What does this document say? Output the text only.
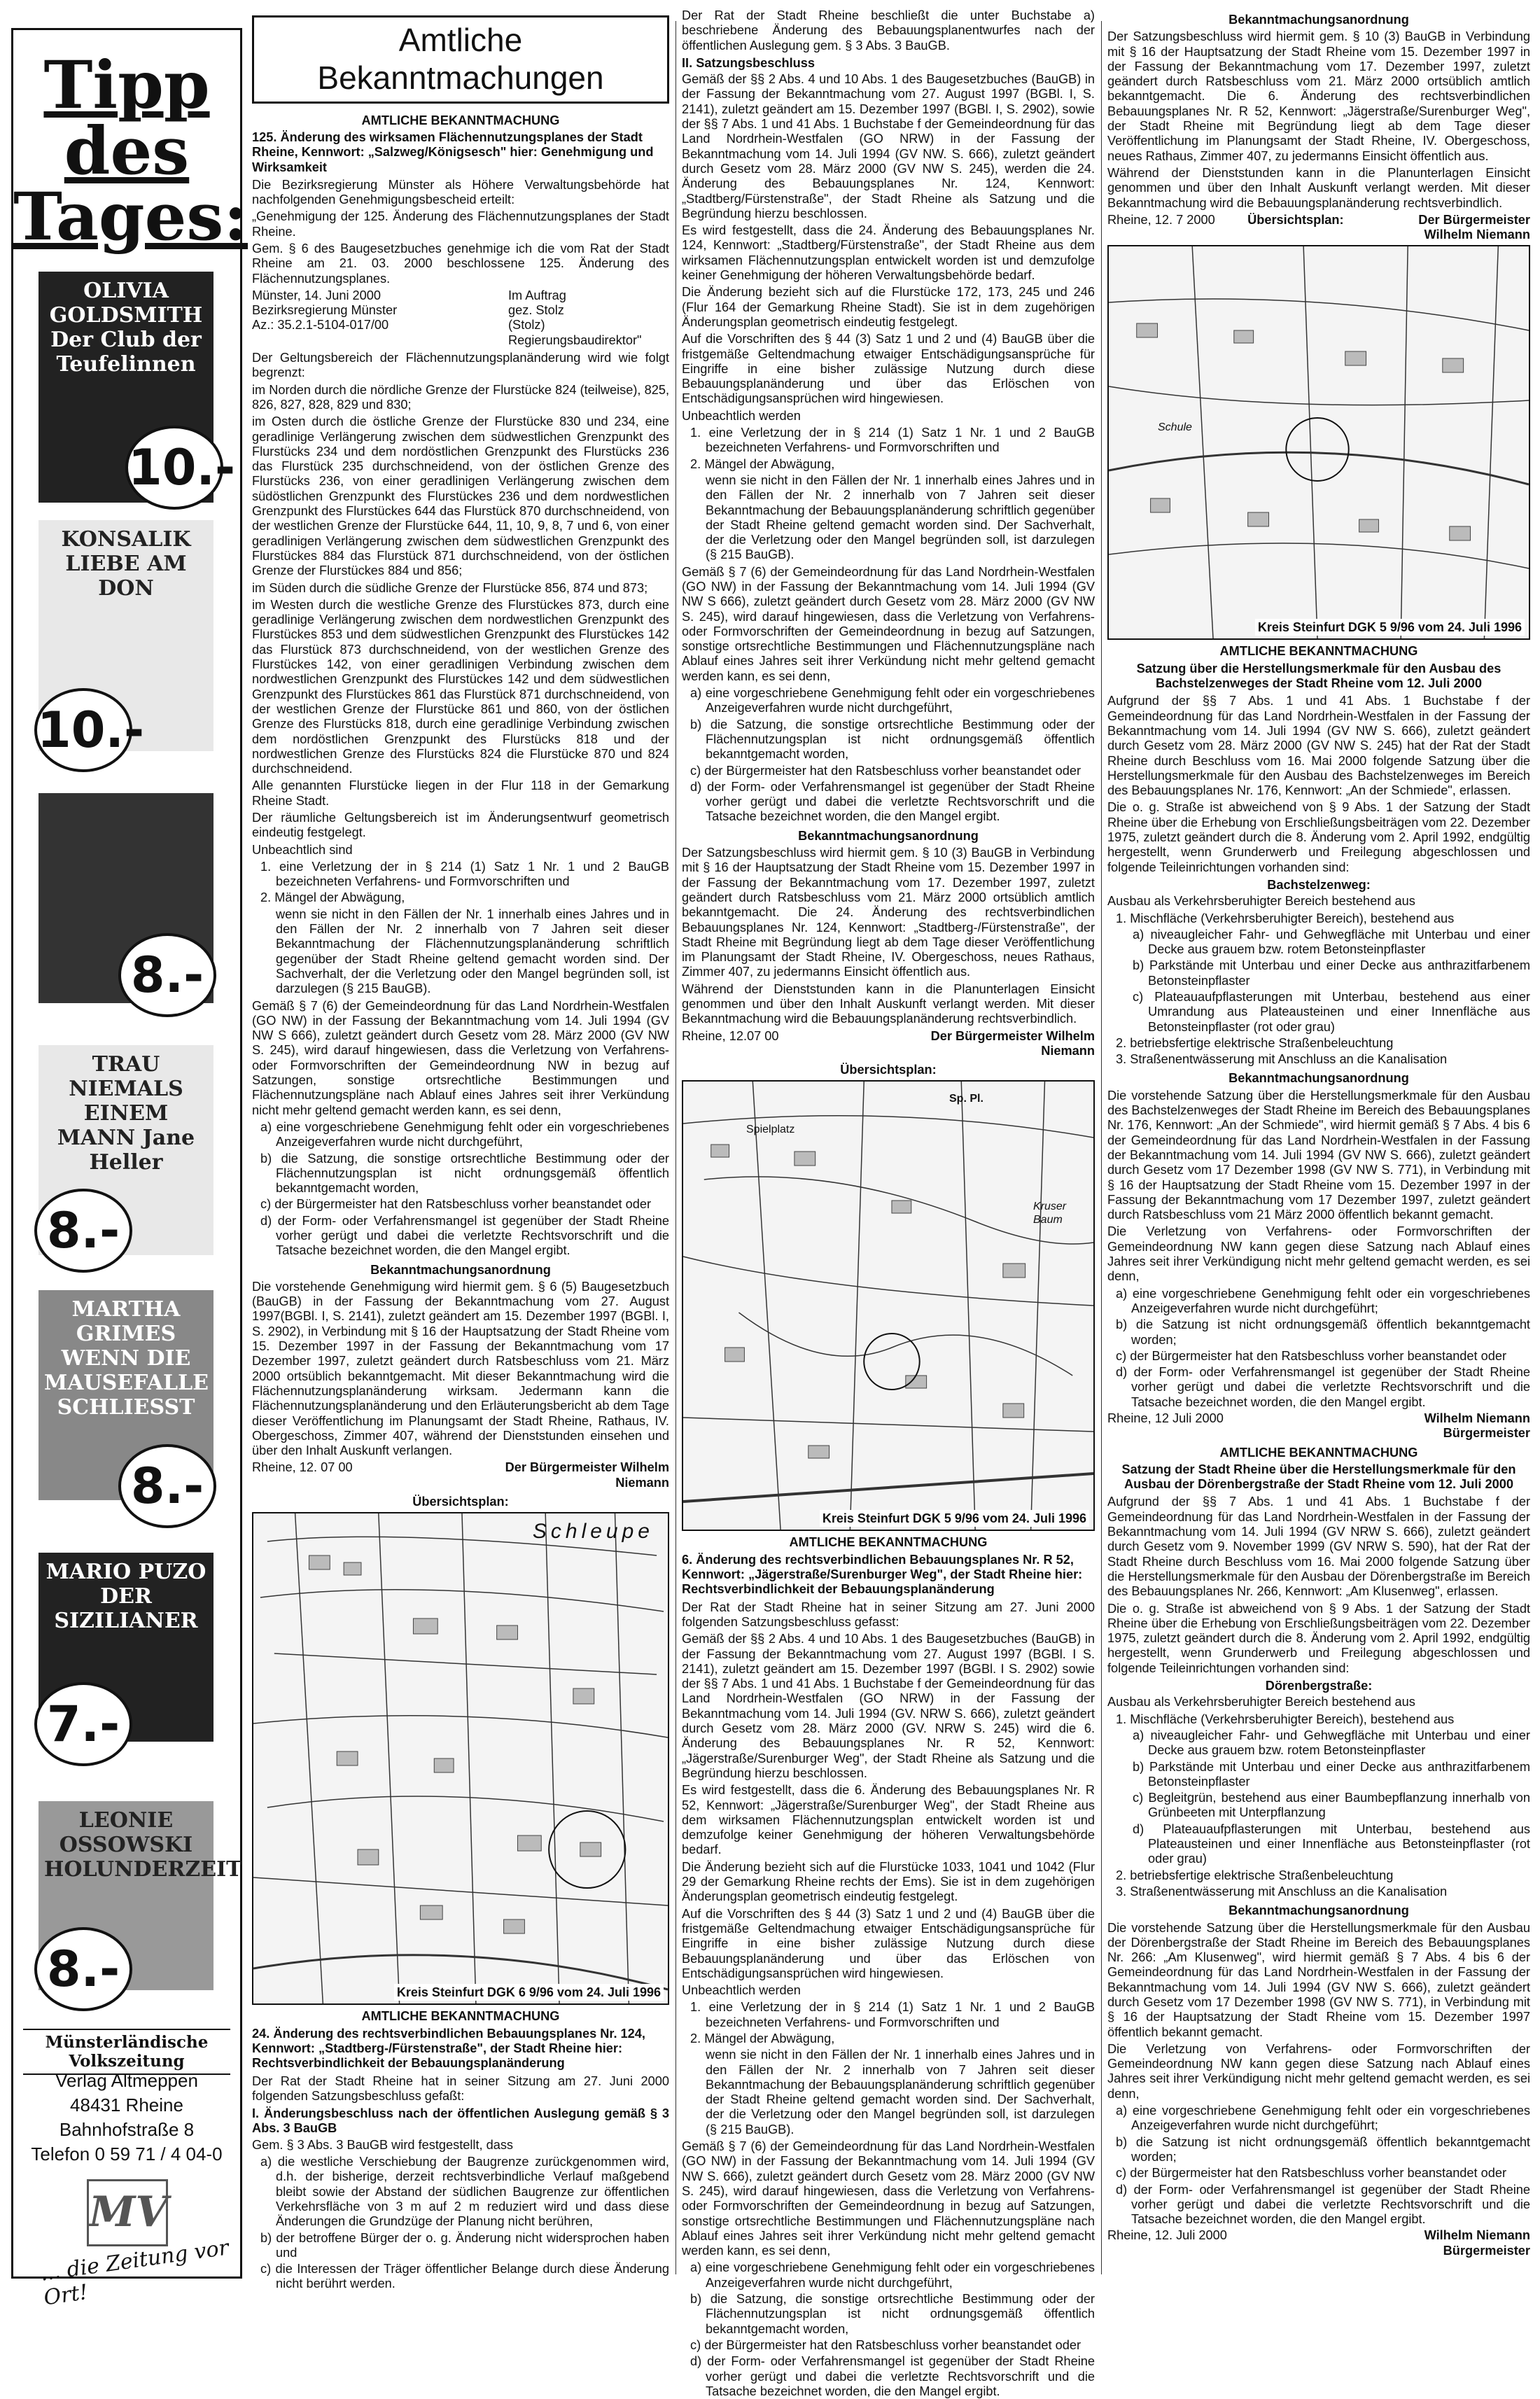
Tipp
des
Tages:
OLIVIA GOLDSMITH Der Club der Teufelinnen
10.-
KONSALIK LIEBE AM DON
10.-
8.-
TRAU NIEMALS EINEM MANN Jane Heller
8.-
MARTHA GRIMES WENN DIE MAUSEFALLE SCHLIESST
8.-
MARIO PUZO DER SIZILIANER
7.-
LEONIE OSSOWSKI HOLUNDERZEIT
8.-
Münsterländische Volkszeitung
Verlag Altmeppen
48431 Rheine
Bahnhofstraße 8
Telefon 0 59 71 / 4 04-0
MV
... die Zeitung vor Ort!
Amtliche Bekanntmachungen
AMTLICHE BEKANNTMACHUNG
125. Änderung des wirksamen Flächennutzungsplanes der Stadt Rheine, Kennwort: „Salzweg/Königsesch" hier: Genehmigung und Wirksamkeit

Die Bezirksregierung Münster als Höhere Verwaltungsbehörde hat nachfolgenden Genehmigungsbescheid erteilt:

„Genehmigung der 125. Änderung des Flächennutzungsplanes der Stadt Rheine.

Gem. § 6 des Baugesetzbuches genehmige ich die vom Rat der Stadt Rheine am 21. 03. 2000 beschlossene 125. Änderung des Flächennutzungsplanes.

Münster, 14. Juni 2000	Im Auftrag
Bezirksregierung Münster	gez. Stolz
Az.: 35.2.1-5104-017/00	(Stolz) Regierungsbaudirektor"

Der Geltungsbereich der Flächennutzungsplanänderung wird wie folgt begrenzt:

im Norden durch die nördliche Grenze der Flurstücke 824 (teilweise), 825, 826, 827, 828, 829 und 830;

im Osten durch die östliche Grenze der Flurstücke 830 und 234, eine geradlinige Verlängerung zwischen dem südwestlichen Grenzpunkt des Flurstücks 234 und dem nordöstlichen Grenzpunkt des Flurstücks 236 das Flurstück 235 durchschneidend, von der östlichen Grenze des Flurstücks 236, von einer geradlinigen Verlängerung zwischen dem südöstlichen Grenzpunkt des Flurstückes 236 und dem nordwestlichen Grenzpunkt des Flurstückes 644 das Flurstück 870 durchschneidend, von der westlichen Grenze der Flurstücke 644, 11, 10, 9, 8, 7 und 6, von einer geradlinigen Verlängerung zwischen dem südwestlichen Grenzpunkt des Flurstückes 884 das Flurstück 871 durchschneidend, von der östlichen Grenze der Flurstückes 884 und 856;

im Süden durch die südliche Grenze der Flurstücke 856, 874 und 873;

im Westen durch die westliche Grenze des Flurstückes 873, durch eine geradlinige Verlängerung zwischen dem nordwestlichen Grenzpunkt des Flurstückes 853 und dem südwestlichen Grenzpunkt des Flurstückes 142 das Flurstück 873 durchschneidend, von der westlichen Grenze des Flurstückes 142, von einer geradlinigen Verbindung zwischen dem nordwestlichen Grenzpunkt des Flurstückes 142 und dem südwestlichen Grenzpunkt des Flurstückes 861 das Flurstück 871 durchschneidend, von der westlichen Grenze der Flurstücke 861 und 860, von der östlichen Grenze des Flurstücks 818, durch eine geradlinige Verbindung zwischen dem nordöstlichen Grenzpunkt des Flurstücks 818 und der nordwestlichen Grenze des Flurstücks 824 die Flurstücke 870 und 824 durchschneidend.

Alle genannten Flurstücke liegen in der Flur 118 in der Gemarkung Rheine Stadt.

Der räumliche Geltungsbereich ist im Änderungsentwurf geometrisch eindeutig festgelegt.

Unbeachtlich sind

1. eine Verletzung der in § 214 (1) Satz 1 Nr. 1 und 2 BauGB bezeichneten Verfahrens- und Formvorschriften und

2. Mängel der Abwägung,

wenn sie nicht in den Fällen der Nr. 1 innerhalb eines Jahres und in den Fällen der Nr. 2 innerhalb von 7 Jahren seit dieser Bekanntmachung der Flächennutzungsplanänderung schriftlich gegenüber der Stadt Rheine geltend gemacht worden sind. Der Sachverhalt, der die Verletzung oder den Mangel begründen soll, ist darzulegen (§ 215 BauGB).

Gemäß § 7 (6) der Gemeindeordnung für das Land Nordrhein-Westfalen (GO NW) in der Fassung der Bekanntmachung vom 14. Juli 1994 (GV NW S 666), zuletzt geändert durch Gesetz vom 28. März 2000 (GV NW S. 245), wird darauf hingewiesen, dass die Verletzung von Verfahrens- oder Formvorschriften der Gemeindeordnung NW in bezug auf Satzungen, sonstige ortsrechtliche Bestimmungen und Flächennutzungspläne nach Ablauf eines Jahres seit ihrer Verkündung nicht mehr geltend gemacht werden kann, es sei denn,

a) eine vorgeschriebene Genehmigung fehlt oder ein vorgeschriebenes Anzeigeverfahren wurde nicht durchgeführt,

b) die Satzung, die sonstige ortsrechtliche Bestimmung oder der Flächennutzungsplan ist nicht ordnungsgemäß öffentlich bekanntgemacht worden,

c) der Bürgermeister hat den Ratsbeschluss vorher beanstandet oder

d) der Form- oder Verfahrensmangel ist gegenüber der Stadt Rheine vorher gerügt und dabei die verletzte Rechtsvorschrift und die Tatsache bezeichnet worden, die den Mangel ergibt.

Bekanntmachungsanordnung

Die vorstehende Genehmigung wird hiermit gem. § 6 (5) Baugesetzbuch (BauGB) in der Fassung der Bekanntmachung vom 27. August 1997(BGBl. I, S. 2141), zuletzt geändert am 15. Dezember 1997 (BGBl. I, S. 2902), in Verbindung mit § 16 der Hauptsatzung der Stadt Rheine vom 15. Dezember 1997 in der Fassung der Bekanntmachung vom 17 Dezember 1997, zuletzt geändert durch Ratsbeschluss vom 21. März 2000 ortsüblich bekanntgemacht. Mit dieser Bekanntmachung wird die Flächennutzungsplanänderung wirksam. Jedermann kann die Flächennutzungsplanänderung und den Erläuterungsbericht ab dem Tage dieser Veröffentlichung im Planungsamt der Stadt Rheine, Rathaus, IV. Obergeschoss, Zimmer 407, während der Dienststunden einsehen und über den Inhalt Auskunft verlangen.

Rheine, 12. 07 00	Der Bürgermeister Wilhelm Niemann
Übersichtsplan:
Schleupe
Kreis Steinfurt DGK 6 9/96 vom 24. Juli 1996
AMTLICHE BEKANNTMACHUNG
24. Änderung des rechtsverbindlichen Bebauungsplanes Nr. 124, Kennwort: „Stadtberg-/Fürstenstraße", der Stadt Rheine hier: Rechtsverbindlichkeit der Bebauungsplanänderung

Der Rat der Stadt Rheine hat in seiner Sitzung am 27. Juni 2000 folgenden Satzungsbeschluss gefaßt:

I. Änderungsbeschluss nach der öffentlichen Auslegung gemäß § 3 Abs. 3 BauGB

Gem. § 3 Abs. 3 BauGB wird festgestellt, dass

a) die westliche Verschiebung der Baugrenze zurückgenommen wird, d.h. der bisherige, derzeit rechtsverbindliche Verlauf maßgebend bleibt sowie der Abstand der südlichen Baugrenze zur öffentlichen Verkehrsfläche von 3 m auf 2 m reduziert wird und dass diese Änderungen die Grundzüge der Planung nicht berühren,

b) der betroffene Bürger der o. g. Änderung nicht widersprochen haben und

c) die Interessen der Träger öffentlicher Belange durch diese Änderung nicht berührt werden.

Der Rat der Stadt Rheine beschließt die unter Buchstabe a) beschriebene Änderung des Bebauungsplanentwurfes nach der öffentlichen Auslegung gem. § 3 Abs. 3 BauGB.

II. Satzungsbeschluss

Gemäß der §§ 2 Abs. 4 und 10 Abs. 1 des Baugesetzbuches (BauGB) in der Fassung der Bekanntmachung vom 27. August 1997 (BGBl. I, S. 2141), zuletzt geändert am 15. Dezember 1997 (BGBl. I, S. 2902), sowie der §§ 7 Abs. 1 und 41 Abs. 1 Buchstabe f der Gemeindeordnung für das Land Nordrhein-Westfalen (GO NRW) in der Fassung der Bekanntmachung vom 14. Juli 1994 (GV NW. S. 666), zuletzt geändert durch Gesetz vom 28. März 2000 (GV NW S. 245), werden die 24. Änderung des Bebauungsplanes Nr. 124, Kennwort: „Stadtberg/Fürstenstraße", der Stadt Rheine als Satzung und die Begründung hierzu beschlossen.

Es wird festgestellt, dass die 24. Änderung des Bebauungsplanes Nr. 124, Kennwort: „Stadtberg/Fürstenstraße", der Stadt Rheine aus dem wirksamen Flächennutzungsplan entwickelt worden ist und demzufolge keiner Genehmigung der höheren Verwaltungsbehörde bedarf.

Die Änderung bezieht sich auf die Flurstücke 172, 173, 245 und 246 (Flur 164 der Gemarkung Rheine Stadt). Sie ist in dem zugehörigen Änderungsplan geometrisch eindeutig festgelegt.

Auf die Vorschriften des § 44 (3) Satz 1 und 2 und (4) BauGB über die fristgemäße Geltendmachung etwaiger Entschädigungsansprüche für Eingriffe in eine bisher zulässige Nutzung durch diese Bebauungsplanänderung und über das Erlöschen von Entschädigungsansprüchen wird hingewiesen.

Unbeachtlich werden

1. eine Verletzung der in § 214 (1) Satz 1 Nr. 1 und 2 BauGB bezeichneten Verfahrens- und Formvorschriften und

2. Mängel der Abwägung,

wenn sie nicht in den Fällen der Nr. 1 innerhalb eines Jahres und in den Fällen der Nr. 2 innerhalb von 7 Jahren seit dieser Bekanntmachung der Bebauungsplanänderung schriftlich gegenüber der Stadt Rheine geltend gemacht worden sind. Der Sachverhalt, der die Verletzung oder den Mangel begründen soll, ist darzulegen (§ 215 BauGB).

Gemäß § 7 (6) der Gemeindeordnung für das Land Nordrhein-Westfalen (GO NW) in der Fassung der Bekanntmachung vom 14. Juli 1994 (GV NW S 666), zuletzt geändert durch Gesetz vom 28. März 2000 (GV NW S. 245), wird darauf hingewiesen, dass die Verletzung von Verfahrens- oder Formvorschriften der Gemeindeordnung in bezug auf Satzungen, sonstige ortsrechtliche Bestimmungen und Flächennutzungspläne nach Ablauf eines Jahres seit ihrer Verkündung nicht mehr geltend gemacht werden kann, es sei denn,

a) eine vorgeschriebene Genehmigung fehlt oder ein vorgeschriebenes Anzeigeverfahren wurde nicht durchgeführt,

b) die Satzung, die sonstige ortsrechtliche Bestimmung oder der Flächennutzungsplan ist nicht ordnungsgemäß öffentlich bekanntgemacht worden,

c) der Bürgermeister hat den Ratsbeschluss vorher beanstandet oder

d) der Form- oder Verfahrensmangel ist gegenüber der Stadt Rheine vorher gerügt und dabei die verletzte Rechtsvorschrift und die Tatsache bezeichnet worden, die den Mangel ergibt.

Bekanntmachungsanordnung

Der Satzungsbeschluss wird hiermit gem. § 10 (3) BauGB in Verbindung mit § 16 der Hauptsatzung der Stadt Rheine vom 15. Dezember 1997 in der Fassung der Bekanntmachung vom 17. Dezember 1997, zuletzt geändert durch Ratsbeschluss vom 21. März 2000 ortsüblich amtlich bekanntgemacht. Die 24. Änderung des rechtsverbindlichen Bebauungsplanes Nr. 124, Kennwort: „Stadtberg-/Fürstenstraße", der Stadt Rheine mit Begründung liegt ab dem Tage dieser Veröffentlichung im Planungsamt der Stadt Rheine, IV. Obergeschoss, neues Rathaus, Zimmer 407, zu jedermanns Einsicht öffentlich aus.

Während der Dienststunden kann in die Planunterlagen Einsicht genommen und über den Inhalt Auskunft verlangt werden. Mit dieser Bekanntmachung wird die Bebauungsplanänderung rechtsverbindlich.

Rheine, 12.07 00	Der Bürgermeister Wilhelm Niemann
Übersichtsplan:
Sp. Pl.
Spielplatz
Kruser Baum
Kreis Steinfurt DGK 5 9/96 vom 24. Juli 1996
AMTLICHE BEKANNTMACHUNG
6. Änderung des rechtsverbindlichen Bebauungsplanes Nr. R 52, Kennwort: „Jägerstraße/Surenburger Weg", der Stadt Rheine hier: Rechtsverbindlichkeit der Bebauungsplanänderung

Der Rat der Stadt Rheine hat in seiner Sitzung am 27. Juni 2000 folgenden Satzungsbeschluss gefasst:

Gemäß der §§ 2 Abs. 4 und 10 Abs. 1 des Baugesetzbuches (BauGB) in der Fassung der Bekanntmachung vom 27. August 1997 (BGBl. I S. 2141), zuletzt geändert am 15. Dezember 1997 (BGBl. I S. 2902) sowie der §§ 7 Abs. 1 und 41 Abs. 1 Buchstabe f der Gemeindeordnung für das Land Nordrhein-Westfalen (GO NRW) in der Fassung der Bekanntmachung vom 14. Juli 1994 (GV. NRW S. 666), zuletzt geändert durch Gesetz vom 28. März 2000 (GV. NRW S. 245) wird die 6. Änderung des Bebauungsplanes Nr. R 52, Kennwort: „Jägerstraße/Surenburger Weg", der Stadt Rheine als Satzung und die Begründung hierzu beschlossen.

Es wird festgestellt, dass die 6. Änderung des Bebauungsplanes Nr. R 52, Kennwort: „Jägerstraße/Surenburger Weg", der Stadt Rheine aus dem wirksamen Flächennutzungsplan entwickelt worden ist und demzufolge keiner Genehmigung der höheren Verwaltungsbehörde bedarf.

Die Änderung bezieht sich auf die Flurstücke 1033, 1041 und 1042 (Flur 29 der Gemarkung Rheine rechts der Ems). Sie ist in dem zugehörigen Änderungsplan geometrisch eindeutig festgelegt.

Auf die Vorschriften des § 44 (3) Satz 1 und 2 und (4) BauGB über die fristgemäße Geltendmachung etwaiger Entschädigungsansprüche für Eingriffe in eine bisher zulässige Nutzung durch diese Bebauungsplanänderung und über das Erlöschen von Entschädigungsansprüchen wird hingewiesen.

Unbeachtlich werden

1. eine Verletzung der in § 214 (1) Satz 1 Nr. 1 und 2 BauGB bezeichneten Verfahrens- und Formvorschriften und

2. Mängel der Abwägung,

wenn sie nicht in den Fällen der Nr. 1 innerhalb eines Jahres und in den Fällen der Nr. 2 innerhalb von 7 Jahren seit dieser Bekanntmachung der Bebauungsplanänderung schriftlich gegenüber der Stadt Rheine geltend gemacht worden sind. Der Sachverhalt, der die Verletzung oder den Mangel begründen soll, ist darzulegen (§ 215 BauGB).

Gemäß § 7 (6) der Gemeindeordnung für das Land Nordrhein-Westfalen (GO NW) in der Fassung der Bekanntmachung vom 14. Juli 1994 (GV NW S. 666), zuletzt geändert durch Gesetz vom 28. März 2000 (GV NW S. 245), wird darauf hingewiesen, dass die Verletzung von Verfahrens- oder Formvorschriften der Gemeindeordnung in bezug auf Satzungen, sonstige ortsrechtliche Bestimmungen und Flächennutzungspläne nach Ablauf eines Jahres seit ihrer Verkündung nicht mehr geltend gemacht werden kann, es sei denn,

a) eine vorgeschriebene Genehmigung fehlt oder ein vorgeschriebenes Anzeigeverfahren wurde nicht durchgeführt,

b) die Satzung, die sonstige ortsrechtliche Bestimmung oder der Flächennutzungsplan ist nicht ordnungsgemäß öffentlich bekanntgemacht worden,

c) der Bürgermeister hat den Ratsbeschluss vorher beanstandet oder

d) der Form- oder Verfahrensmangel ist gegenüber der Stadt Rheine vorher gerügt und dabei die verletzte Rechtsvorschrift und die Tatsache bezeichnet worden, die den Mangel ergibt.

Bekanntmachungsanordnung

Der Satzungsbeschluss wird hiermit gem. § 10 (3) BauGB in Verbindung mit § 16 der Hauptsatzung der Stadt Rheine vom 15. Dezember 1997 in der Fassung der Bekanntmachung vom 17. Dezember 1997, zuletzt geändert durch Ratsbeschluss vom 21. März 2000 ortsüblich amtlich bekanntgemacht. Die 6. Änderung des rechtsverbindlichen Bebauungsplanes Nr. R 52, Kennwort: „Jägerstraße/Surenburger Weg", der Stadt Rheine mit Begründung liegt ab dem Tage dieser Veröffentlichung im Planungsamt der Stadt Rheine, IV. Obergeschoss, neues Rathaus, Zimmer 407, zu jedermanns Einsicht öffentlich aus.

Während der Dienststunden kann in die Planunterlagen Einsicht genommen und über den Inhalt Auskunft verlangt werden. Mit dieser Bekanntmachung wird die Bebauungsplanänderung rechtsverbindlich.

Rheine, 12. 7 2000	Übersichtsplan:	Der Bürgermeister Wilhelm Niemann
Schule
Kreis Steinfurt DGK 5 9/96 vom 24. Juli 1996
AMTLICHE BEKANNTMACHUNG
Satzung über die Herstellungsmerkmale für den Ausbau des Bachstelzenweges der Stadt Rheine vom 12. Juli 2000

Aufgrund der §§ 7 Abs. 1 und 41 Abs. 1 Buchstabe f der Gemeindeordnung für das Land Nordrhein-Westfalen in der Fassung der Bekanntmachung vom 14. Juli 1994 (GV NW S. 666), zuletzt geändert durch Gesetz vom 28. März 2000 (GV NW S. 245) hat der Rat der Stadt Rheine durch Beschluss vom 16. Mai 2000 folgende Satzung über die Herstellungsmerkmale für den Ausbau des Bachstelzenweges im Bereich des Bebauungsplanes Nr. 176, Kennwort: „An der Schmiede", erlassen.

Die o. g. Straße ist abweichend von § 9 Abs. 1 der Satzung der Stadt Rheine über die Erhebung von Erschließungsbeiträgen vom 22. Dezember 1975, zuletzt geändert durch die 8. Änderung vom 2. April 1992, endgültig hergestellt, wenn Grunderwerb und Freilegung abgeschlossen und folgende Teileinrichtungen vorhanden sind:

Bachstelzenweg:

Ausbau als Verkehrsberuhigter Bereich bestehend aus

1. Mischfläche (Verkehrsberuhigter Bereich), bestehend aus

a) niveaugleicher Fahr- und Gehwegfläche mit Unterbau und einer Decke aus grauem bzw. rotem Betonsteinpflaster

b) Parkstände mit Unterbau und einer Decke aus anthrazitfarbenem Betonsteinpflaster

c) Plateauaufpflasterungen mit Unterbau, bestehend aus einer Umrandung aus Plateausteinen und einer Innenfläche aus Betonsteinpflaster (rot oder grau)

2. betriebsfertige elektrische Straßenbeleuchtung

3. Straßenentwässerung mit Anschluss an die Kanalisation

Bekanntmachungsanordnung

Die vorstehende Satzung über die Herstellungsmerkmale für den Ausbau des Bachstelzenweges der Stadt Rheine im Bereich des Bebauungsplanes Nr. 176, Kennwort: „An der Schmiede", wird hiermit gemäß § 7 Abs. 4 bis 6 der Gemeindeordnung für das Land Nordrhein-Westfalen in der Fassung der Bekanntmachung vom 14. Juli 1994 (GV NW S. 666), zuletzt geändert durch Gesetz vom 17 Dezember 1998 (GV NW S. 771), in Verbindung mit § 16 der Hauptsatzung der Stadt Rheine vom 15. Dezember 1997 in der Fassung der Bekanntmachung vom 17 Dezember 1997, zuletzt geändert durch Ratsbeschluss vom 21 März 2000 öffentlich bekannt gemacht.

Die Verletzung von Verfahrens- oder Formvorschriften der Gemeindeordnung NW kann gegen diese Satzung nach Ablauf eines Jahres seit ihrer Verkündigung nicht mehr geltend gemacht werden, es sei denn,

a) eine vorgeschriebene Genehmigung fehlt oder ein vorgeschriebenes Anzeigeverfahren wurde nicht durchgeführt;

b) die Satzung ist nicht ordnungsgemäß öffentlich bekanntgemacht worden;

c) der Bürgermeister hat den Ratsbeschluss vorher beanstandet oder

d) der Form- oder Verfahrensmangel ist gegenüber der Stadt Rheine vorher gerügt und dabei die verletzte Rechtsvorschrift und die Tatsache bezeichnet worden, die den Mangel ergibt.

Rheine, 12 Juli 2000	Wilhelm Niemann Bürgermeister
AMTLICHE BEKANNTMACHUNG
Satzung der Stadt Rheine über die Herstellungsmerkmale für den Ausbau der Dörenbergstraße der Stadt Rheine vom 12. Juli 2000

Aufgrund der §§ 7 Abs. 1 und 41 Abs. 1 Buchstabe f der Gemeindeordnung für das Land Nordrhein-Westfalen in der Fassung der Bekanntmachung vom 14. Juli 1994 (GV NRW S. 666), zuletzt geändert durch Gesetz vom 9. November 1999 (GV NRW S. 590), hat der Rat der Stadt Rheine durch Beschluss vom 16. Mai 2000 folgende Satzung über die Herstellungsmerkmale für den Ausbau der Dörenbergstraße im Bereich des Bebauungsplanes Nr. 266, Kennwort: „Am Klusenweg", erlassen.

Die o. g. Straße ist abweichend von § 9 Abs. 1 der Satzung der Stadt Rheine über die Erhebung von Erschließungsbeiträgen vom 22. Dezember 1975, zuletzt geändert durch die 8. Änderung vom 2. April 1992, endgültig hergestellt, wenn Grunderwerb und Freilegung abgeschlossen und folgende Teileinrichtungen vorhanden sind:

Dörenbergstraße:

Ausbau als Verkehrsberuhigter Bereich bestehend aus

1. Mischfläche (Verkehrsberuhigter Bereich), bestehend aus

a) niveaugleicher Fahr- und Gehwegfläche mit Unterbau und einer Decke aus grauem bzw. rotem Betonsteinpflaster

b) Parkstände mit Unterbau und einer Decke aus anthrazitfarbenem Betonsteinpflaster

c) Begleitgrün, bestehend aus einer Baumbepflanzung innerhalb von Grünbeeten mit Unterpflanzung

d) Plateauaufpflasterungen mit Unterbau, bestehend aus Plateausteinen und einer Innenfläche aus Betonsteinpflaster (rot oder grau)

2. betriebsfertige elektrische Straßenbeleuchtung

3. Straßenentwässerung mit Anschluss an die Kanalisation

Bekanntmachungsanordnung

Die vorstehende Satzung über die Herstellungsmerkmale für den Ausbau der Dörenbergstraße der Stadt Rheine im Bereich des Bebauungsplanes Nr. 266: „Am Klusenweg", wird hiermit gemäß § 7 Abs. 4 bis 6 der Gemeindeordnung für das Land Nordrhein-Westfalen in der Fassung der Bekanntmachung vom 14. Juli 1994 (GV NW S. 666), zuletzt geändert durch Gesetz vom 17 Dezember 1998 (GV NW S. 771), in Verbindung mit § 16 der Hauptsatzung der Stadt Rheine vom 15. Dezember 1997 öffentlich bekannt gemacht.

Die Verletzung von Verfahrens- oder Formvorschriften der Gemeindeordnung NW kann gegen diese Satzung nach Ablauf eines Jahres seit ihrer Verkündigung nicht mehr geltend gemacht werden, es sei denn,

a) eine vorgeschriebene Genehmigung fehlt oder ein vorgeschriebenes Anzeigeverfahren wurde nicht durchgeführt;

b) die Satzung ist nicht ordnungsgemäß öffentlich bekanntgemacht worden;

c) der Bürgermeister hat den Ratsbeschluss vorher beanstandet oder

d) der Form- oder Verfahrensmangel ist gegenüber der Stadt Rheine vorher gerügt und dabei die verletzte Rechtsvorschrift und die Tatsache bezeichnet worden, die den Mangel ergibt.

Rheine, 12. Juli 2000	Wilhelm Niemann Bürgermeister
